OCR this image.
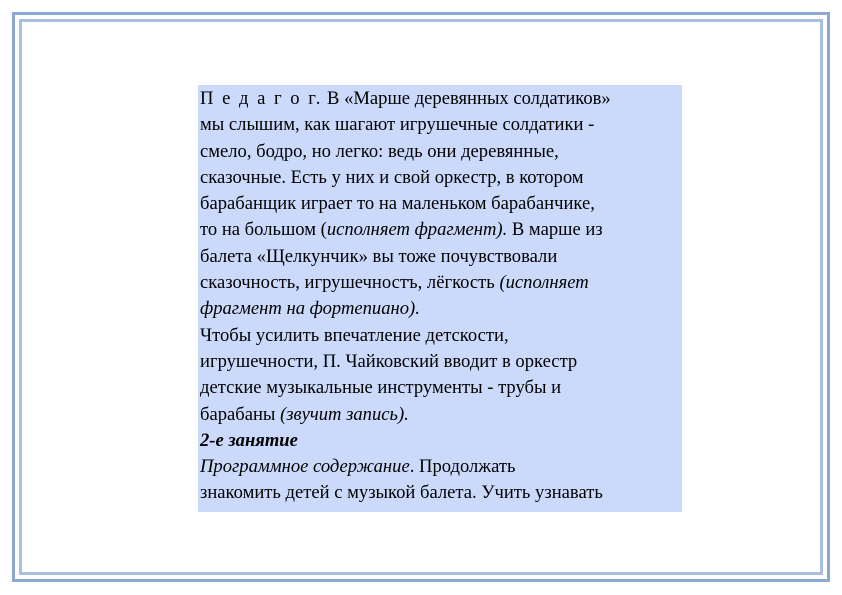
П е д а г о г. В «Марше деревянных солдатиков»
мы слышим, как шагают игрушечные солдатики -
смело, бодро, но легко: ведь они деревянные,
сказочные. Есть у них и свой оркестр, в котором
барабанщик играет то на маленьком барабанчике,
то на большом (исполняет фрагмент). В марше из
балета «Щелкунчик» вы тоже почувствовали
сказочность, игрушечностъ, лёгкость (исполняет
фрагмент на фортепиано).
Чтобы усилить впечатление детскости,
игрушечности, П. Чайковский вводит в оркестр
детские музыкальные инструменты - трубы и
барабаны (звучит запись).
2-е занятие
Программное содержание. Продолжать
знакомить детей с музыкой балета. Учить узнавать
